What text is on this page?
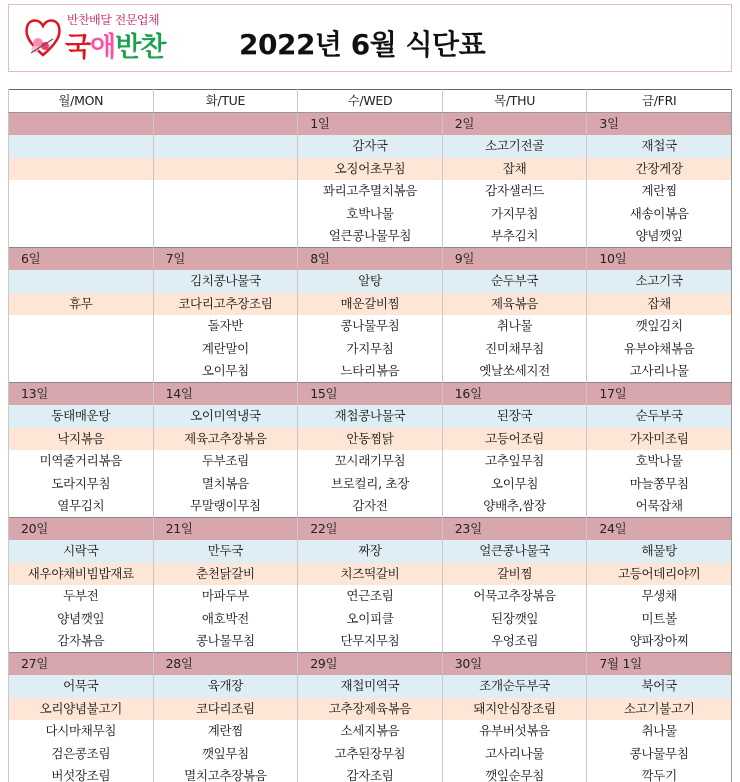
반찬배달 전문업체
국애반찬	2022년 6월 식단표
월/MON	화/TUE	수/WED	목/THU	금/FRI
		1일	2일	3일
		감자국	소고기전골	재첩국
		오징어초무침	잡채	간장게장
		꽈리고추멸치볶음	감자샐러드	계란찜
		호박나물	가지무침	새송이볶음
		얼큰콩나물무침	부추김치	양념깻잎
6일	7일	8일	9일	10일
	김치콩나물국	알탕	순두부국	소고기국
휴무	코다리고추장조림	매운갈비찜	제육볶음	잡채
	돌자반	콩나물무침	취나물	깻잎김치
	계란말이	가지무침	진미채무침	유부야채볶음
	오이무침	느타리볶음	옛날쏘세지전	고사리나물
13일	14일	15일	16일	17일
동태매운탕	오이미역냉국	재첩콩나물국	된장국	순두부국
낙지볶음	제육고추장볶음	안동찜닭	고등어조림	가자미조림
미역줄거리볶음	두부조림	꼬시래기무침	고추잎무침	호박나물
도라지무침	멸치볶음	브로컬리, 초장	오이무침	마늘쫑무침
열무김치	무말랭이무침	감자전	양배추,쌈장	어묵잡채
20일	21일	22일	23일	24일
시락국	만두국	짜장	얼큰콩나물국	해물탕
새우야채비빔밥재료	춘천닭갈비	치즈떡갈비	갈비찜	고등어데리야끼
두부전	마파두부	연근조림	어묵고추장볶음	무생채
양념깻잎	애호박전	오이피클	된장깻잎	미트볼
감자볶음	콩나물무침	단무지무침	우엉조림	양파장아찌
27일	28일	29일	30일	7월 1일
어묵국	육개장	재첩미역국	조개순두부국	북어국
오리양념불고기	코다리조림	고추장제육볶음	돼지안심장조림	소고기불고기
다시마채무침	계란찜	소세지볶음	유부버섯볶음	취나물
검은콩조림	깻잎무침	고추된장무침	고사리나물	콩나물무침
버섯장조림	멸치고추장볶음	감자조림	깻잎순무침	깍두기
